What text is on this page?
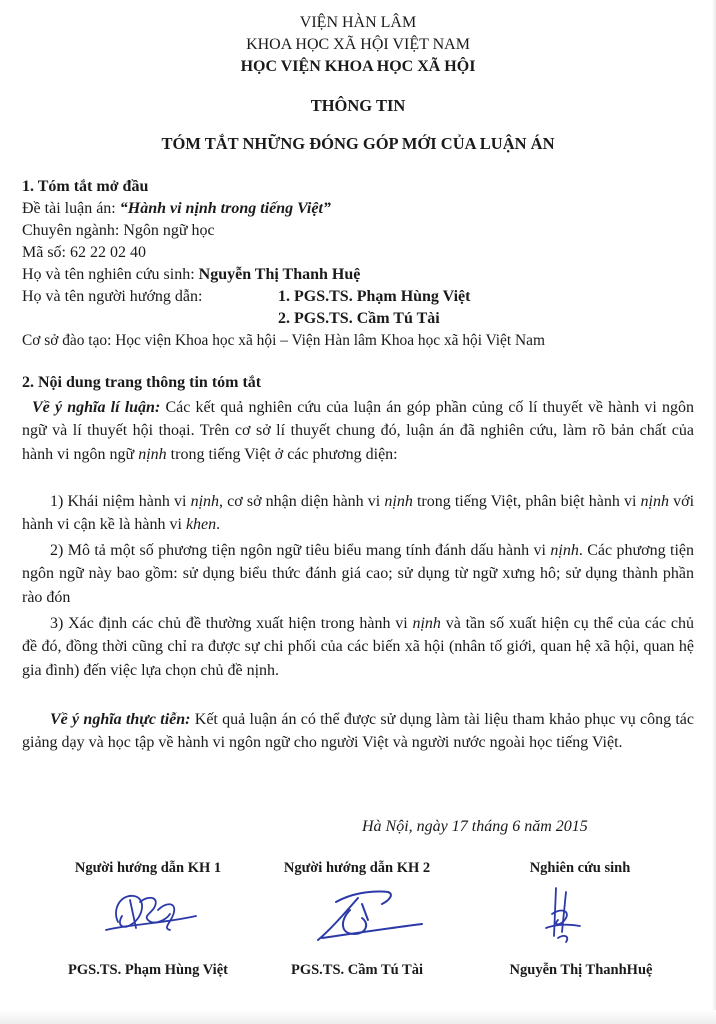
VIỆN HÀN LÂM
KHOA HỌC XÃ HỘI VIỆT NAM
HỌC VIỆN KHOA HỌC XÃ HỘI
THÔNG TIN
TÓM TẮT NHỮNG ĐÓNG GÓP MỚI CỦA LUẬN ÁN
1. Tóm tắt mở đầu
Đề tài luận án: “Hành vi nịnh trong tiếng Việt”
Chuyên ngành: Ngôn ngữ học
Mã số: 62 22 02 40
Họ và tên nghiên cứu sinh: Nguyễn Thị Thanh Huệ
Họ và tên người hướng dẫn:	1. PGS.TS. Phạm Hùng Việt
2. PGS.TS. Cầm Tú Tài
Cơ sở đào tạo: Học viện Khoa học xã hội – Viện Hàn lâm Khoa học xã hội Việt Nam
2. Nội dung trang thông tin tóm tắt
Về ý nghĩa lí luận: Các kết quả nghiên cứu của luận án góp phần củng cố lí thuyết về hành vi ngôn ngữ và lí thuyết hội thoại. Trên cơ sở lí thuyết chung đó, luận án đã nghiên cứu, làm rõ bản chất của hành vi ngôn ngữ nịnh trong tiếng Việt ở các phương diện:
1) Khái niệm hành vi nịnh, cơ sở nhận diện hành vi nịnh trong tiếng Việt, phân biệt hành vi nịnh với hành vi cận kề là hành vi khen.
2) Mô tả một số phương tiện ngôn ngữ tiêu biểu mang tính đánh dấu hành vi nịnh. Các phương tiện ngôn ngữ này bao gồm: sử dụng biểu thức đánh giá cao; sử dụng từ ngữ xưng hô; sử dụng thành phần rào đón
3) Xác định các chủ đề thường xuất hiện trong hành vi nịnh và tần số xuất hiện cụ thể của các chủ đề đó, đồng thời cũng chỉ ra được sự chi phối của các biến xã hội (nhân tố giới, quan hệ xã hội, quan hệ gia đình) đến việc lựa chọn chủ đề nịnh.
Về ý nghĩa thực tiễn: Kết quả luận án có thể được sử dụng làm tài liệu tham khảo phục vụ công tác giảng dạy và học tập về hành vi ngôn ngữ cho người Việt và người nước ngoài học tiếng Việt.
Hà Nội, ngày 17 tháng 6 năm 2015
Người hướng dẫn KH 1	Người hướng dẫn KH 2	Nghiên cứu sinh
PGS.TS. Phạm Hùng Việt	PGS.TS. Cầm Tú Tài	Nguyễn Thị ThanhHuệ
